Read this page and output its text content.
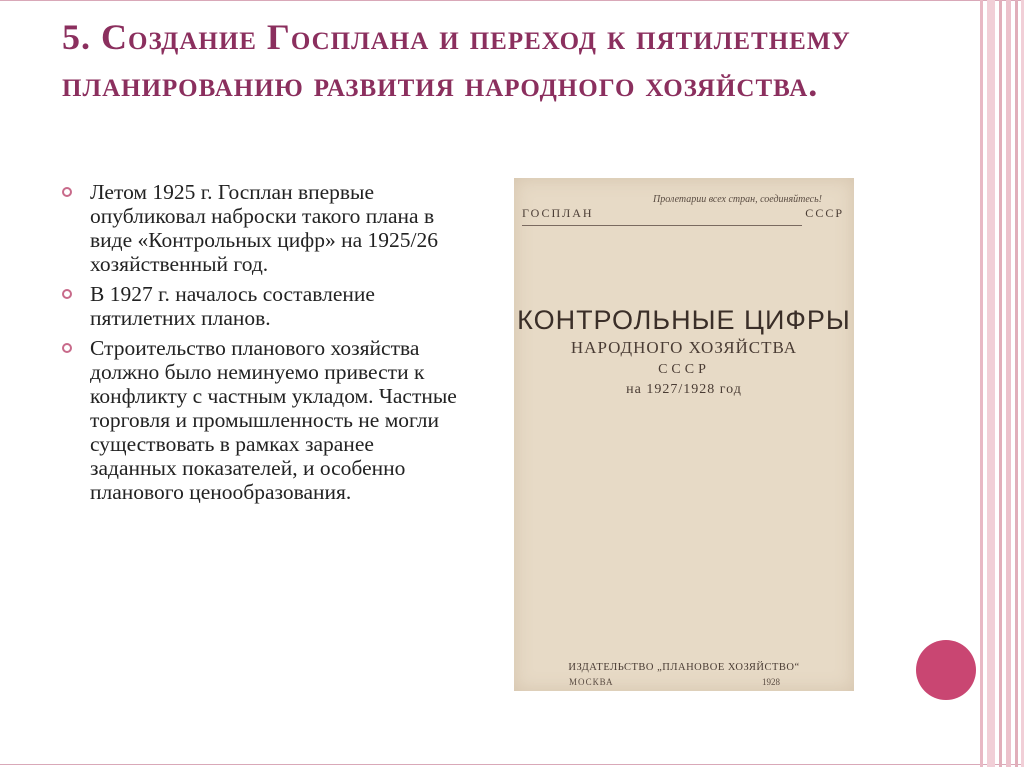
5. Создание Госплана и переход к пятилетнему планированию развития народного хозяйства.
Летом 1925 г. Госплан впервые опубликовал наброски такого плана в виде «Контрольных цифр» на 1925/26 хозяйственный год.
В 1927 г. началось составление пятилетних планов.
Строительство планового хозяйства должно было неминуемо привести к конфликту с частным укладом. Частные торговля и промышленность не могли существовать в рамках заранее заданных показателей, и особенно планового ценообразования.
Пролетарии всех стран, соединяйтесь!
ГОСПЛАН СССР
КОНТРОЛЬНЫЕ ЦИФРЫ
НАРОДНОГО ХОЗЯЙСТВА
СССР
на 1927/1928 год
ИЗДАТЕЛЬСТВО „ПЛАНОВОЕ ХОЗЯЙСТВО“
МОСКВА	1928
